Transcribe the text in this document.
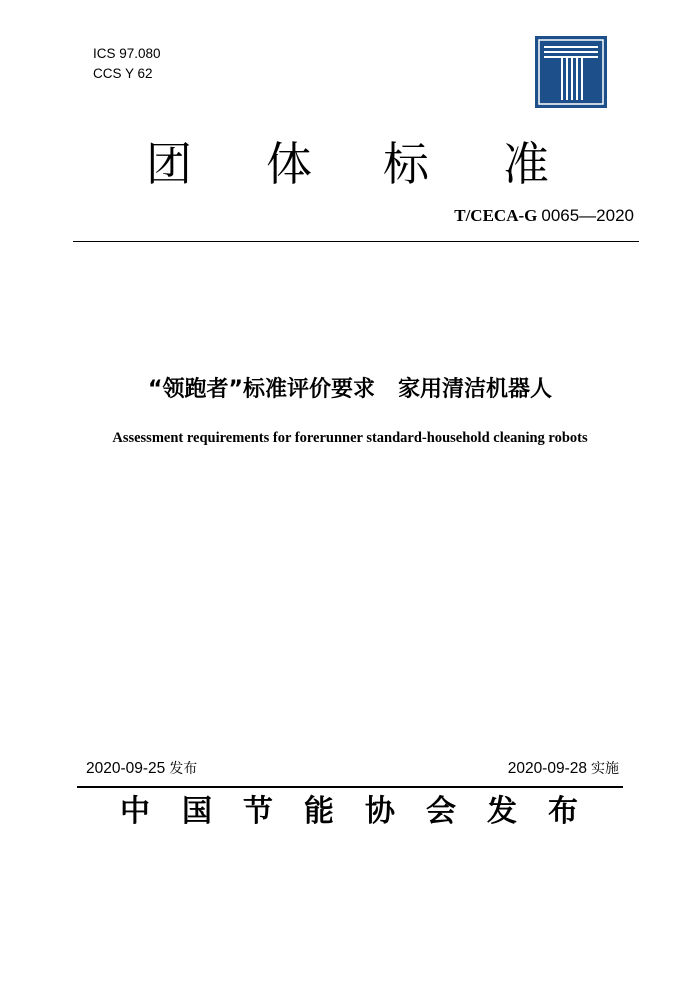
ICS 97.080
CCS Y 62
团 体 标 准
T/CECA-G 0065—2020
“领跑者”标准评价要求   家用清洁机器人
Assessment requirements for forerunner standard-household cleaning robots
2020-09-25 发布	2020-09-28 实施
中 国 节 能 协 会 发 布
